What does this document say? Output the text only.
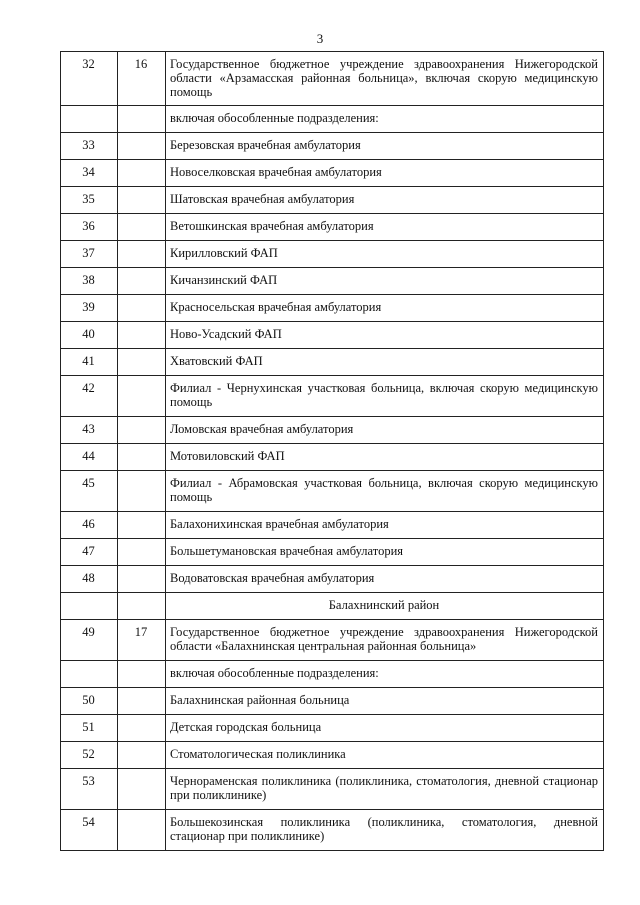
3
32	16	Государственное бюджетное учреждение здравоохранения Нижегородской области «Арзамасская районная больница», включая скорую медицинскую помощь
		включая обособленные подразделения:
33		Березовская врачебная амбулатория
34		Новоселковская врачебная амбулатория
35		Шатовская врачебная амбулатория
36		Ветошкинская врачебная амбулатория
37		Кирилловский ФАП
38		Кичанзинский ФАП
39		Красносельская врачебная амбулатория
40		Ново-Усадский ФАП
41		Хватовский ФАП
42		Филиал - Чернухинская участковая больница, включая скорую медицинскую помощь
43		Ломовская врачебная амбулатория
44		Мотовиловский ФАП
45		Филиал - Абрамовская участковая больница, включая скорую медицинскую помощь
46		Балахонихинская врачебная амбулатория
47		Большетумановская врачебная амбулатория
48		Водоватовская врачебная амбулатория
		Балахнинский район
49	17	Государственное бюджетное учреждение здравоохранения Нижегородской области «Балахнинская центральная районная больница»
		включая обособленные подразделения:
50		Балахнинская районная больница
51		Детская городская больница
52		Стоматологическая поликлиника
53		Чернораменская поликлиника (поликлиника, стоматология, дневной стационар при поликлинике)
54		Большекозинская поликлиника (поликлиника, стоматология, дневной стационар при поликлинике)
